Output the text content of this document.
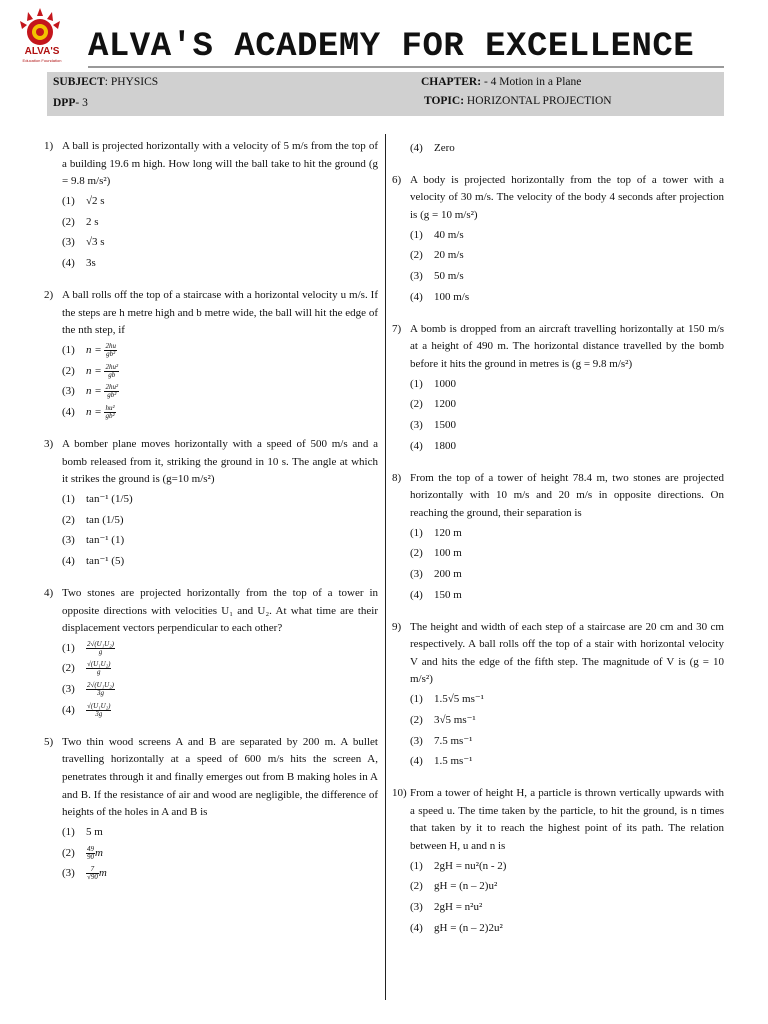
ALVA'S
Education Foundation ALVA'S ACADEMY FOR EXCELLENCE
SUBJECT: PHYSICS
DPP- 3
CHAPTER: - 4 Motion in a Plane
TOPIC: HORIZONTAL PROJECTION
1) A ball is projected horizontally with a velocity of 5 m/s from the top of a building 19.6 m high. How long will the ball take to hit the ground (g = 9.8 m/s²)
(1) √2 s
(2) 2 s
(3) √3 s
(4) 3s
2) A ball rolls off the top of a staircase with a horizontal velocity u m/s. If the steps are h metre high and b metre wide, the ball will hit the edge of the nth step, if
(1) $n = \frac{2hu}{\text{gb²}}$
(2) $n = \frac{\text{2hu²}}{gb}$
(3) $n = \frac{\text{2hu²}}{\text{gb²}}$
(4) $n = \frac{\text{hu²}}{\text{gb²}}$
3) A bomber plane moves horizontally with a speed of 500 m/s and a bomb released from it, striking the ground in 10 s. The angle at which it strikes the ground is (g=10 m/s²)
(1) tan⁻¹ (1/5)
(2) tan (1/5)
(3) tan⁻¹ (1)
(4) tan⁻¹ (5)
4) Two stones are projected horizontally from the top of a tower in opposite directions with velocities U₁ and U₂. At what time are their displacement vectors perpendicular to each other?
$(1) \frac{\text{2√(U₁U₂)}}{g}$
$(2) \frac{\text{√(U₁U₂)}}{g}$
$(3) \frac{\text{2√(U₁U₂)}}{3g}$
$(4) \frac{\text{√(U₁U₂)}}{3g}$
5) Two thin wood screens A and B are separated by 200 m. A bullet travelling horizontally at a speed of 600 m/s hits the screen A, penetrates through it and finally emerges out from B making holes in A and B. If the resistance of air and wood are negligible, the difference of heights of the holes in A and B is
(1) 5 m
$(2) \frac{49}{90}$ m
$(3) \frac{7}{√90}$ m
(4) Zero
6) A body is projected horizontally from the top of a tower with a velocity of 30 m/s. The velocity of the body 4 seconds after projection is (g = 10 m/s²)
(1) 40 m/s
(2) 20 m/s
(3) 50 m/s
(4) 100 m/s
7) A bomb is dropped from an aircraft travelling horizontally at 150 m/s at a height of 490 m. The horizontal distance travelled by the bomb before it hits the ground in metres is (g = 9.8 m/s²)
(1) 1000
(2) 1200
(3) 1500
(4) 1800
8) From the top of a tower of height 78.4 m, two stones are projected horizontally with 10 m/s and 20 m/s in opposite directions. On reaching the ground, their separation is
(1) 120 m
(2) 100 m
(3) 200 m
(4) 150 m
9) The height and width of each step of a staircase are 20 cm and 30 cm respectively. A ball rolls off the top of a stair with horizontal velocity V and hits the edge of the fifth step. The magnitude of V is (g = 10 m/s²)
(1) 1.5√5 ms⁻¹
(2) 3√5 ms⁻¹
(3) 7.5 ms⁻¹
(4) 1.5 ms⁻¹
10) From a tower of height H, a particle is thrown vertically upwards with a speed u. The time taken by the particle, to hit the ground, is n times that taken by it to reach the highest point of its path. The relation between H, u and n is
(1) 2gH = nu²(n - 2)
(2) gH = (n – 2)u²
(3) 2gH = n²u²
(4) gH = (n – 2)2u²
